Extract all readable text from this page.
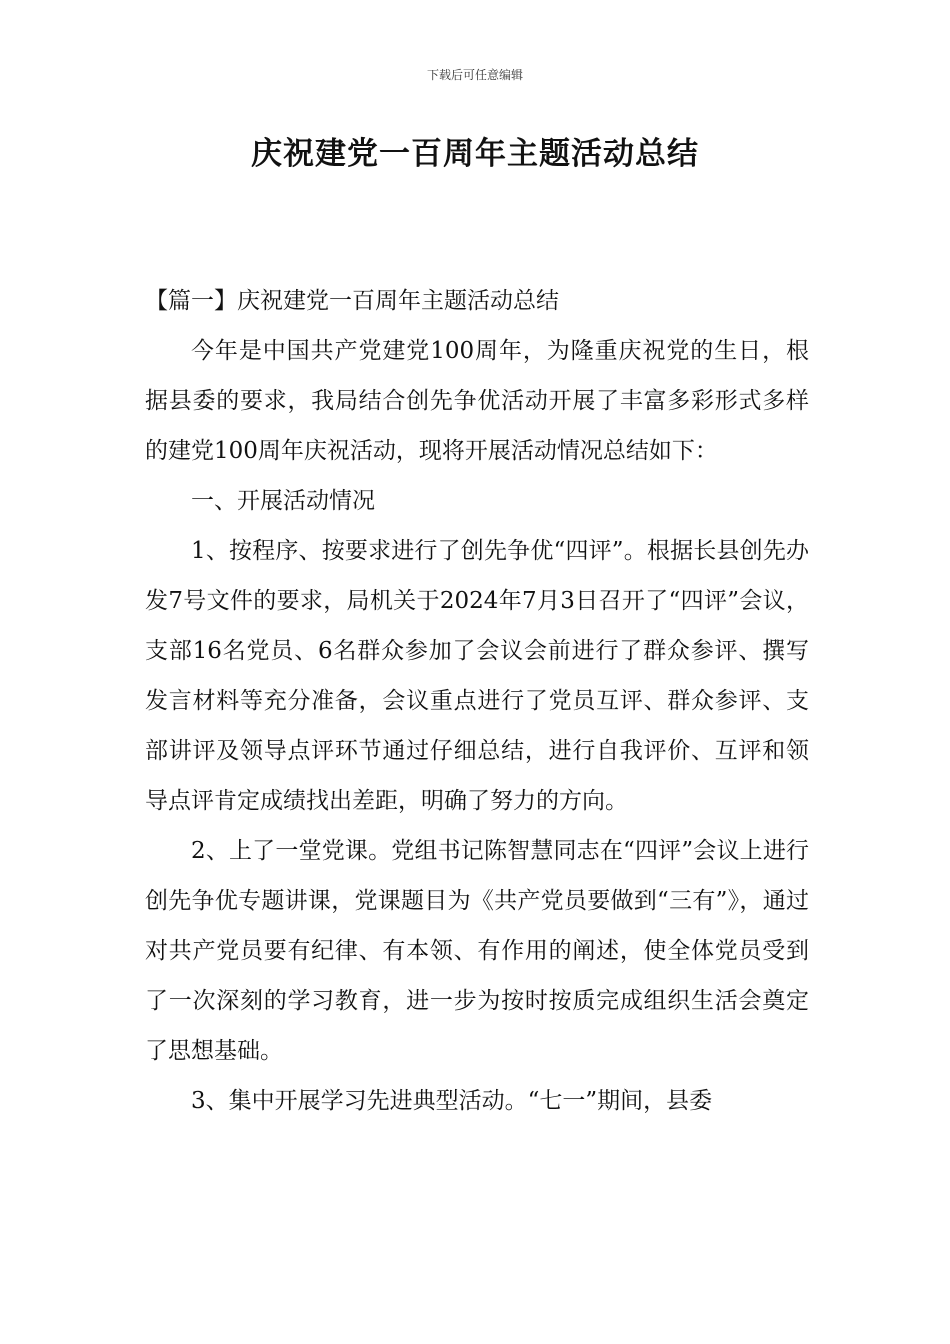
下载后可任意编辑
庆祝建党一百周年主题活动总结

【篇一】庆祝建党一百周年主题活动总结

今年是中国共产党建党100周年，为隆重庆祝党的生日，根据县委的要求，我局结合创先争优活动开展了丰富多彩形式多样的建党100周年庆祝活动，现将开展活动情况总结如下：

一、开展活动情况

1、按程序、按要求进行了创先争优“四评”。根据长县创先办发7号文件的要求，局机关于2024年7月3日召开了“四评”会议，支部16名党员、6名群众参加了会议会前进行了群众参评、撰写发言材料等充分准备，会议重点进行了党员互评、群众参评、支部讲评及领导点评环节通过仔细总结，进行自我评价、互评和领导点评肯定成绩找出差距，明确了努力的方向。

2、上了一堂党课。党组书记陈智慧同志在“四评”会议上进行创先争优专题讲课，党课题目为《共产党员要做到“三有”》，通过对共产党员要有纪律、有本领、有作用的阐述，使全体党员受到了一次深刻的学习教育，进一步为按时按质完成组织生活会奠定了思想基础。

3、集中开展学习先进典型活动。“七一”期间，县委
